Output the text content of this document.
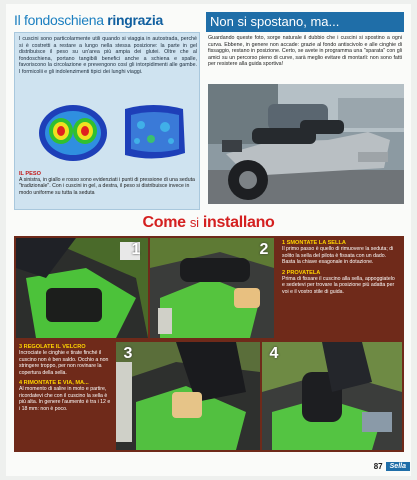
Il fondoschiena ringrazia
I cuscini sono particolarmente utili quando si viaggia in autostrada, perché si è costretti a restare a lungo nella stessa posizione: la parte in gel distribuisce il peso su un'area più ampia dei glutei. Oltre che al fondoschiena, portano tangibili benefici anche a schiena e spalle, favoriscono la circolazione e prevengono così gli intorpidimenti alle gambe. I formicolii e gli indolenzimenti tipici dei lunghi viaggi.
IL PESO
A sinistra, in giallo e rosso sono evidenziati i punti di pressione di una seduta "tradizionale". Con i cuscini in gel, a destra, il peso si distribuisce invece in modo uniforme su tutta la seduta
Non si spostano, ma...
Guardando queste foto, sorge naturale il dubbio che i cuscini si spostino a ogni curva. Ebbene, in genere non accade: grazie al fondo antiscivolo e alle cinghie di fissaggio, restano in posizione. Certo, se avete in programma una "sparata" con gli amici su un percorso pieno di curve, sarà meglio evitare di montarli: non sono fatti per resistere alla guida sportiva!
Come si installano
1 SMONTATE LA SELLA
Il primo passo è quello di rimuovere la seduta; di solito la sella del pilota è fissata con un dado. Basta la chiave esagonale in dotazione.
2 PROVATELA
Prima di fissare il cuscino alla sella, appoggiatelo e sedetevi per trovare la posizione più adatta per voi e il vostro stile di guida.
1	2
3 REGOLATE IL VELCRO
Incrociate le cinghie e tirate finché il cuscino non è ben saldo. Occhio a non stringere troppo, per non rovinare la copertura della sella.
4 RIMONTATE E VIA, MA...
Al momento di salire in moto e partire, ricordatevi che con il cuscino la sella è più alta. In genere l'aumento è tra i 12 e i 18 mm: non è poco.
3	4
87	Sella
